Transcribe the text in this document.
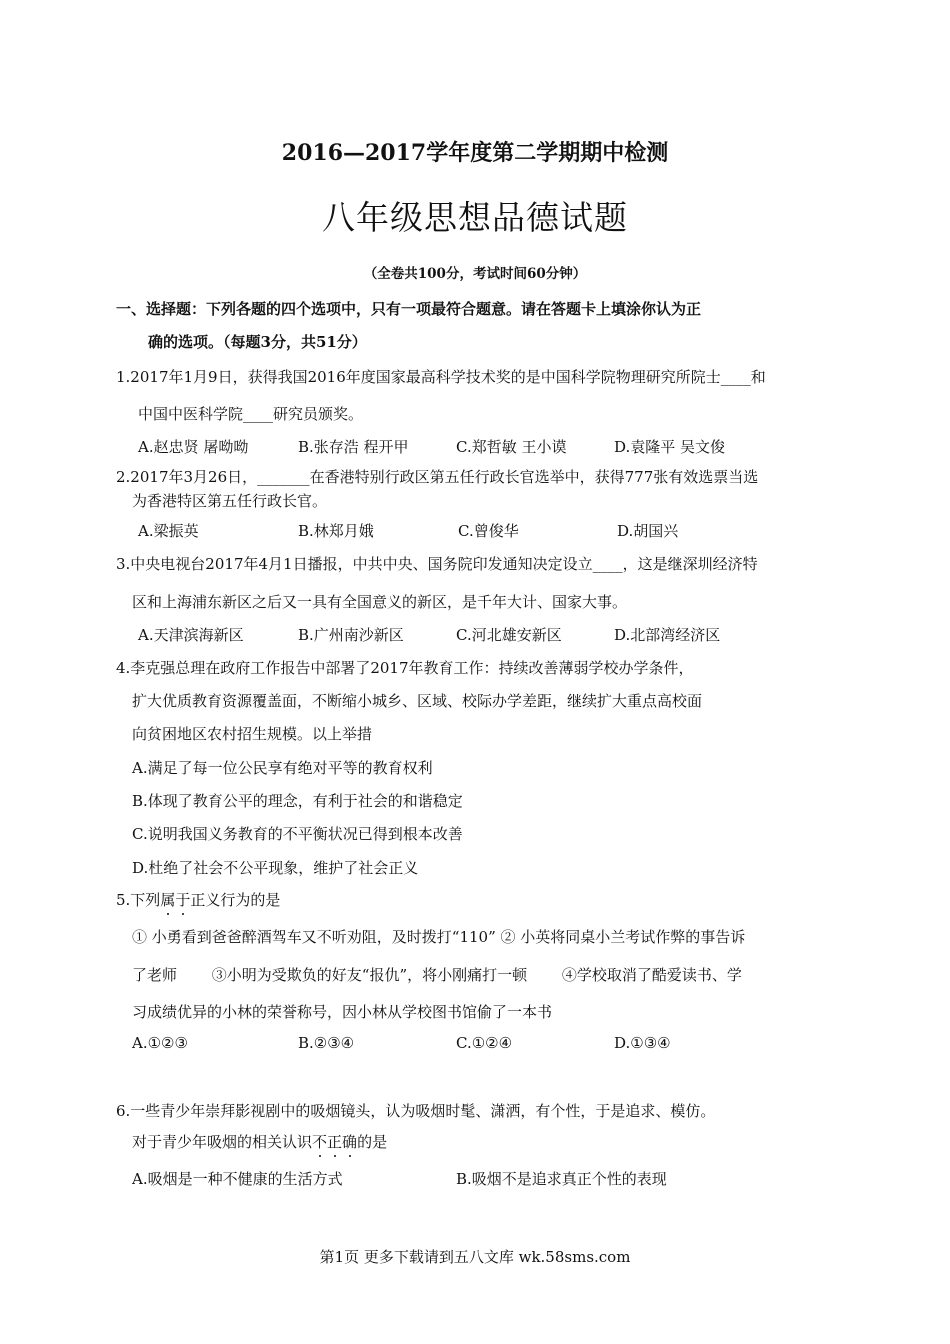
2016—2017学年度第二学期期中检测
八年级思想品德试题
（全卷共100分，考试时间60分钟）
一、选择题：下列各题的四个选项中，只有一项最符合题意。请在答题卡上填涂你认为正
确的选项。（每题3分，共51分）
1.2017年1月9日，获得我国2016年度国家最高科学技术奖的是中国科学院物理研究所院士____和
中国中医科学院____研究员颁奖。
A.赵忠贤 屠呦呦	B.张存浩 程开甲	C.郑哲敏 王小谟	D.袁隆平 吴文俊
2.2017年3月26日，_______在香港特别行政区第五任行政长官选举中，获得777张有效选票当选
为香港特区第五任行政长官。
A.梁振英	B.林郑月娥	C.曾俊华	D.胡国兴
3.中央电视台2017年4月1日播报，中共中央、国务院印发通知决定设立____，这是继深圳经济特
区和上海浦东新区之后又一具有全国意义的新区，是千年大计、国家大事。
A.天津滨海新区	B.广州南沙新区	C.河北雄安新区	D.北部湾经济区
4.李克强总理在政府工作报告中部署了2017年教育工作：持续改善薄弱学校办学条件，
扩大优质教育资源覆盖面，不断缩小城乡、区域、校际办学差距，继续扩大重点高校面
向贫困地区农村招生规模。以上举措
A.满足了每一位公民享有绝对平等的教育权利
B.体现了教育公平的理念，有利于社会的和谐稳定
C.说明我国义务教育的不平衡状况已得到根本改善
D.杜绝了社会不公平现象，维护了社会正义
5.下列属于正义行为的是
① 小勇看到爸爸醉酒驾车又不听劝阻，及时拨打“110” ② 小英将同桌小兰考试作弊的事告诉
了老师 　　③小明为受欺负的好友“报仇”，将小刚痛打一顿　　 ④学校取消了酷爱读书、学
习成绩优异的小林的荣誉称号，因小林从学校图书馆偷了一本书
A.①②③	B.②③④	C.①②④	D.①③④
6.一些青少年崇拜影视剧中的吸烟镜头，认为吸烟时髦、潇洒，有个性，于是追求、模仿。
对于青少年吸烟的相关认识不正确的是
A.吸烟是一种不健康的生活方式	B.吸烟不是追求真正个性的表现
第1页 更多下载请到五八文库 wk.58sms.com
